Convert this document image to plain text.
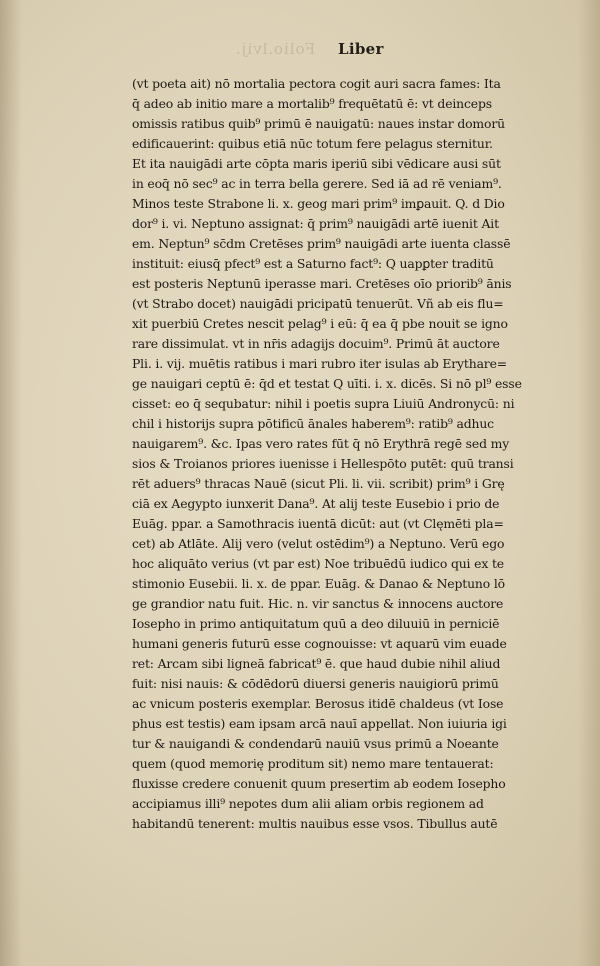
Folio.lvij. Liber
(vt poeta ait) nō mortalia pectora cogit auri sacra fames: Ita
q̄ adeo ab initio mare a mortalib⁹ frequētatū ē: vt deinceps
omissis ratibus quib⁹ primū ē nauigatū: naues instar domorū
edificauerint: quibus etiā nūc totum fere pelagus sternitur.
Et ita nauigādi arte cōpta maris iperiū sibi vēdicare ausi sūt
in eoq̄ nō sec⁹ ac in terra bella gerere. Sed iā ad rē veniam⁹.
Minos teste Strabone li. x. geog mari prim⁹ imꝑauit. Q. d Dio
dor⁹ i. vi. Neptuno assignat: q̄ prim⁹ nauigādi artē iuenit Ait
em. Neptun⁹ sc̄dm Cretēses prim⁹ nauigādi arte iuenta classē
instituit: eiusq̄ pfect⁹ est a Saturno fact⁹: Q uapꝑter traditū
est posteris Neptunū iperasse mari. Cretēses oīo priorib⁹ ānis
(vt Strabo docet) nauigādi pricipatū tenuerūt. Vñ ab eis flu=
xit puerbiū Cretes nescit pelag⁹ i eū: q̄ ea q̄ pbe nouit se igno
rare dissimulat. vt in nr̄is adagijs docuim⁹. Primū āt auctore
Pli. i. vij. muētis ratibus i mari rubro iter isulas ab Erythare=
ge nauigari ceptū ē: q̄d et testat Q uīti. i. x. dicēs. Si nō pl⁹ esse
cisset: eo q̄ sequbatur: nihil i poetis supra Liuiū Andronycū: ni
chil i historijs supra pōtificū ānales haberem⁹: ratib⁹ adhuc
nauigarem⁹. &c. Ipas vero rates fūt q̄ nō Erythrā regē sed my
sios & Troianos priores iuenisse i Hellespōto putēt: quū transi
rēt aduers⁹ thracas Nauē (sicut Pli. li. vii. scribit) prim⁹ i Grę
ciā ex Aegypto iunxerit Dana⁹. At alij teste Eusebio i prio de
Euāg. ppar. a Samothracis iuentā dicūt: aut (vt Clęmēti pla=
cet) ab Atlāte. Alij vero (velut ostēdim⁹) a Neptuno. Verū ego
hoc aliquāto verius (vt par est) Noe tribuēdū iudico qui ex te
stimonio Eusebii. li. x. de ppar. Euāg. & Danao & Neptuno lō
ge grandior natu fuit. Hic. n. vir sanctus & innocens auctore
Iosepho in primo antiquitatum quū a deo diluuiū in perniciē
humani generis futurū esse cognouisse: vt aquarū vim euade
ret: Arcam sibi ligneā fabricat⁹ ē. que haud dubie nihil aliud
fuit: nisi nauis: & cōdēdorū diuersi generis nauigiorū primū
ac vnicum posteris exemplar. Berosus itidē chaldeus (vt Iose
phus est testis) eam ipsam arcā nauī appellat. Non iuiuria igi
tur & nauigandi & condendarū nauiū vsus primū a Noeante
quem (quod memorię proditum sit) nemo mare tentauerat:
fluxisse credere conuenit quum presertim ab eodem Iosepho
accipiamus illi⁹ nepotes dum alii aliam orbis regionem ad
habitandū tenerent: multis nauibus esse vsos. Tibullus autē
